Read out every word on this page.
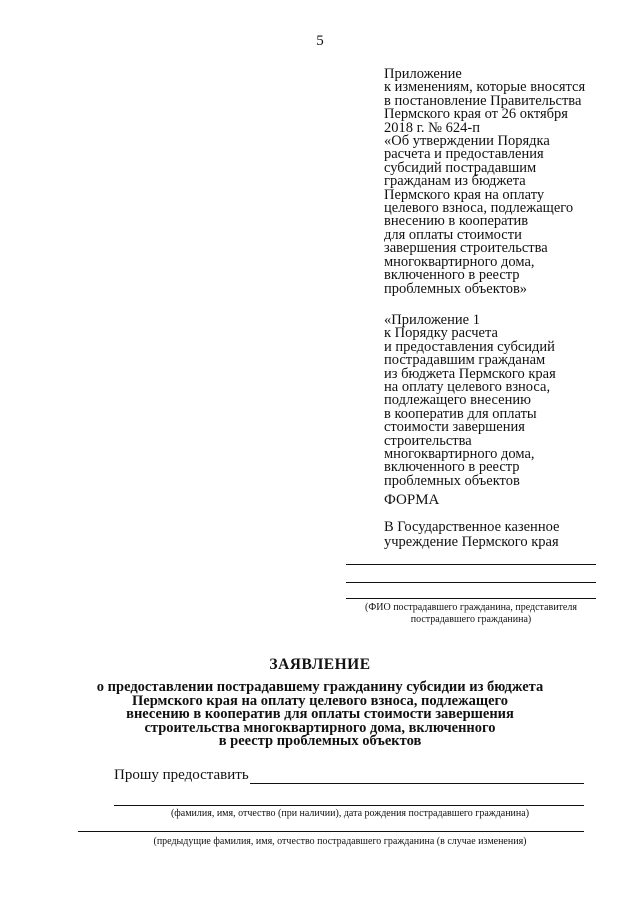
5
Приложение
к изменениям, которые вносятся
в постановление Правительства
Пермского края от 26 октября
2018 г. № 624-п
«Об утверждении Порядка
расчета и предоставления
субсидий пострадавшим
гражданам из бюджета
Пермского края на оплату
целевого взноса, подлежащего
внесению в кооператив
для оплаты стоимости
завершения строительства
многоквартирного дома,
включенного в реестр
проблемных объектов»
«Приложение 1
к Порядку расчета
и предоставления субсидий
пострадавшим гражданам
из бюджета Пермского края
на оплату целевого взноса,
подлежащего внесению
в кооператив для оплаты
стоимости завершения
строительства
многоквартирного дома,
включенного в реестр
проблемных объектов
ФОРМА
В Государственное казенное
учреждение Пермского края
(ФИО пострадавшего гражданина, представителя
пострадавшего гражданина)
ЗАЯВЛЕНИЕ
о предоставлении пострадавшему гражданину субсидии из бюджета
Пермского края на оплату целевого взноса, подлежащего
внесению в кооператив для оплаты стоимости завершения
строительства многоквартирного дома, включенного
в реестр проблемных объектов
Прошу предоставить
(фамилия, имя, отчество (при наличии), дата рождения пострадавшего гражданина)
(предыдущие фамилия, имя, отчество пострадавшего гражданина (в случае изменения)
